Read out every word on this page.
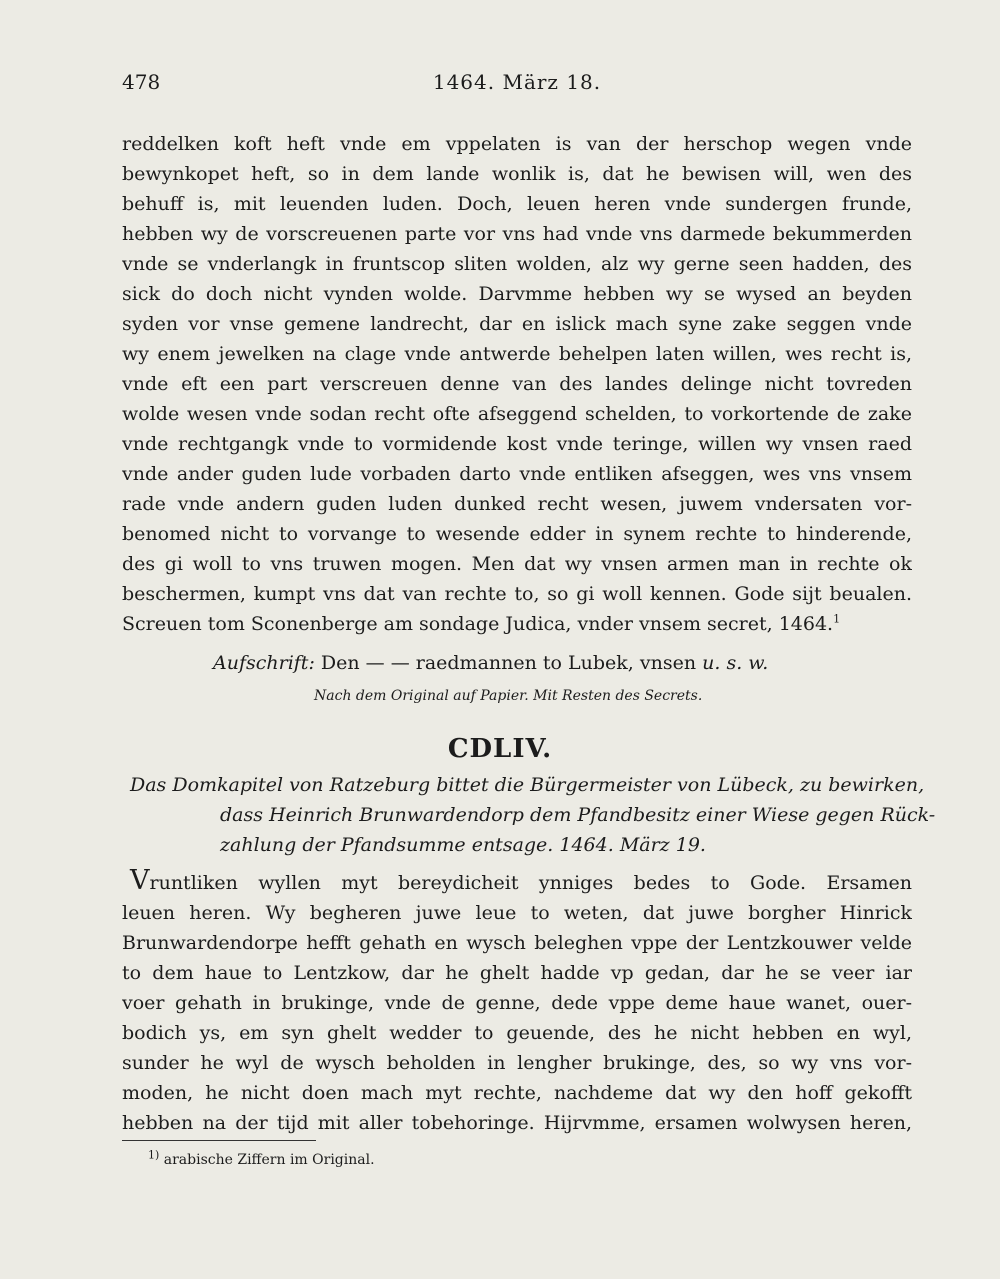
478	1464. März 18.
reddelken koft heft vnde em vppelaten is van der herschop wegen vnde
bewynkopet heft, so in dem lande wonlik is, dat he bewisen will, wen des
behuff is, mit leuenden luden. Doch, leuen heren vnde sundergen frunde,
hebben wy de vorscreuenen parte vor vns had vnde vns darmede bekummerden
vnde se vnderlangk in fruntscop sliten wolden, alz wy gerne seen hadden, des
sick do doch nicht vynden wolde. Darvmme hebben wy se wysed an beyden
syden vor vnse gemene landrecht, dar en islick mach syne zake seggen vnde
wy enem jewelken na clage vnde antwerde behelpen laten willen, wes recht is,
vnde eft een part verscreuen denne van des landes delinge nicht tovreden
wolde wesen vnde sodan recht ofte afseggend schelden, to vorkortende de zake
vnde rechtgangk vnde to vormidende kost vnde teringe, willen wy vnsen raed
vnde ander guden lude vorbaden darto vnde entliken afseggen, wes vns vnsem
rade vnde andern guden luden dunked recht wesen, juwem vndersaten vor-
benomed nicht to vorvange to wesende edder in synem rechte to hinderende,
des gi woll to vns truwen mogen. Men dat wy vnsen armen man in rechte ok
beschermen, kumpt vns dat van rechte to, so gi woll kennen. Gode sijt beualen.
Screuen tom Sconenberge am sondage Judica, vnder vnsem secret, 1464.$^1$
Aufschrift: Den — — raedmannen to Lubek, vnsen u. s. w.
Nach dem Original auf Papier. Mit Resten des Secrets.
CDLIV.
Das Domkapitel von Ratzeburg bittet die Bürgermeister von Lübeck, zu bewirken,
dass Heinrich Brunwardendorp dem Pfandbesitz einer Wiese gegen Rück-
zahlung der Pfandsumme entsage. 1464. März 19.
Vruntliken wyllen myt bereydicheit ynniges bedes to Gode. Ersamen
leuen heren. Wy begheren juwe leue to weten, dat juwe borgher Hinrick
Brunwardendorpe hefft gehath en wysch beleghen vppe der Lentzkouwer velde
to dem haue to Lentzkow, dar he ghelt hadde vp gedan, dar he se veer iar
voer gehath in brukinge, vnde de genne, dede vppe deme haue wanet, ouer-
bodich ys, em syn ghelt wedder to geuende, des he nicht hebben en wyl,
sunder he wyl de wysch beholden in lengher brukinge, des, so wy vns vor-
moden, he nicht doen mach myt rechte, nachdeme dat wy den hoff gekofft
hebben na der tijd mit aller tobehoringe. Hijrvmme, ersamen wolwysen heren,
$^{1)}$ arabische Ziffern im Original.
